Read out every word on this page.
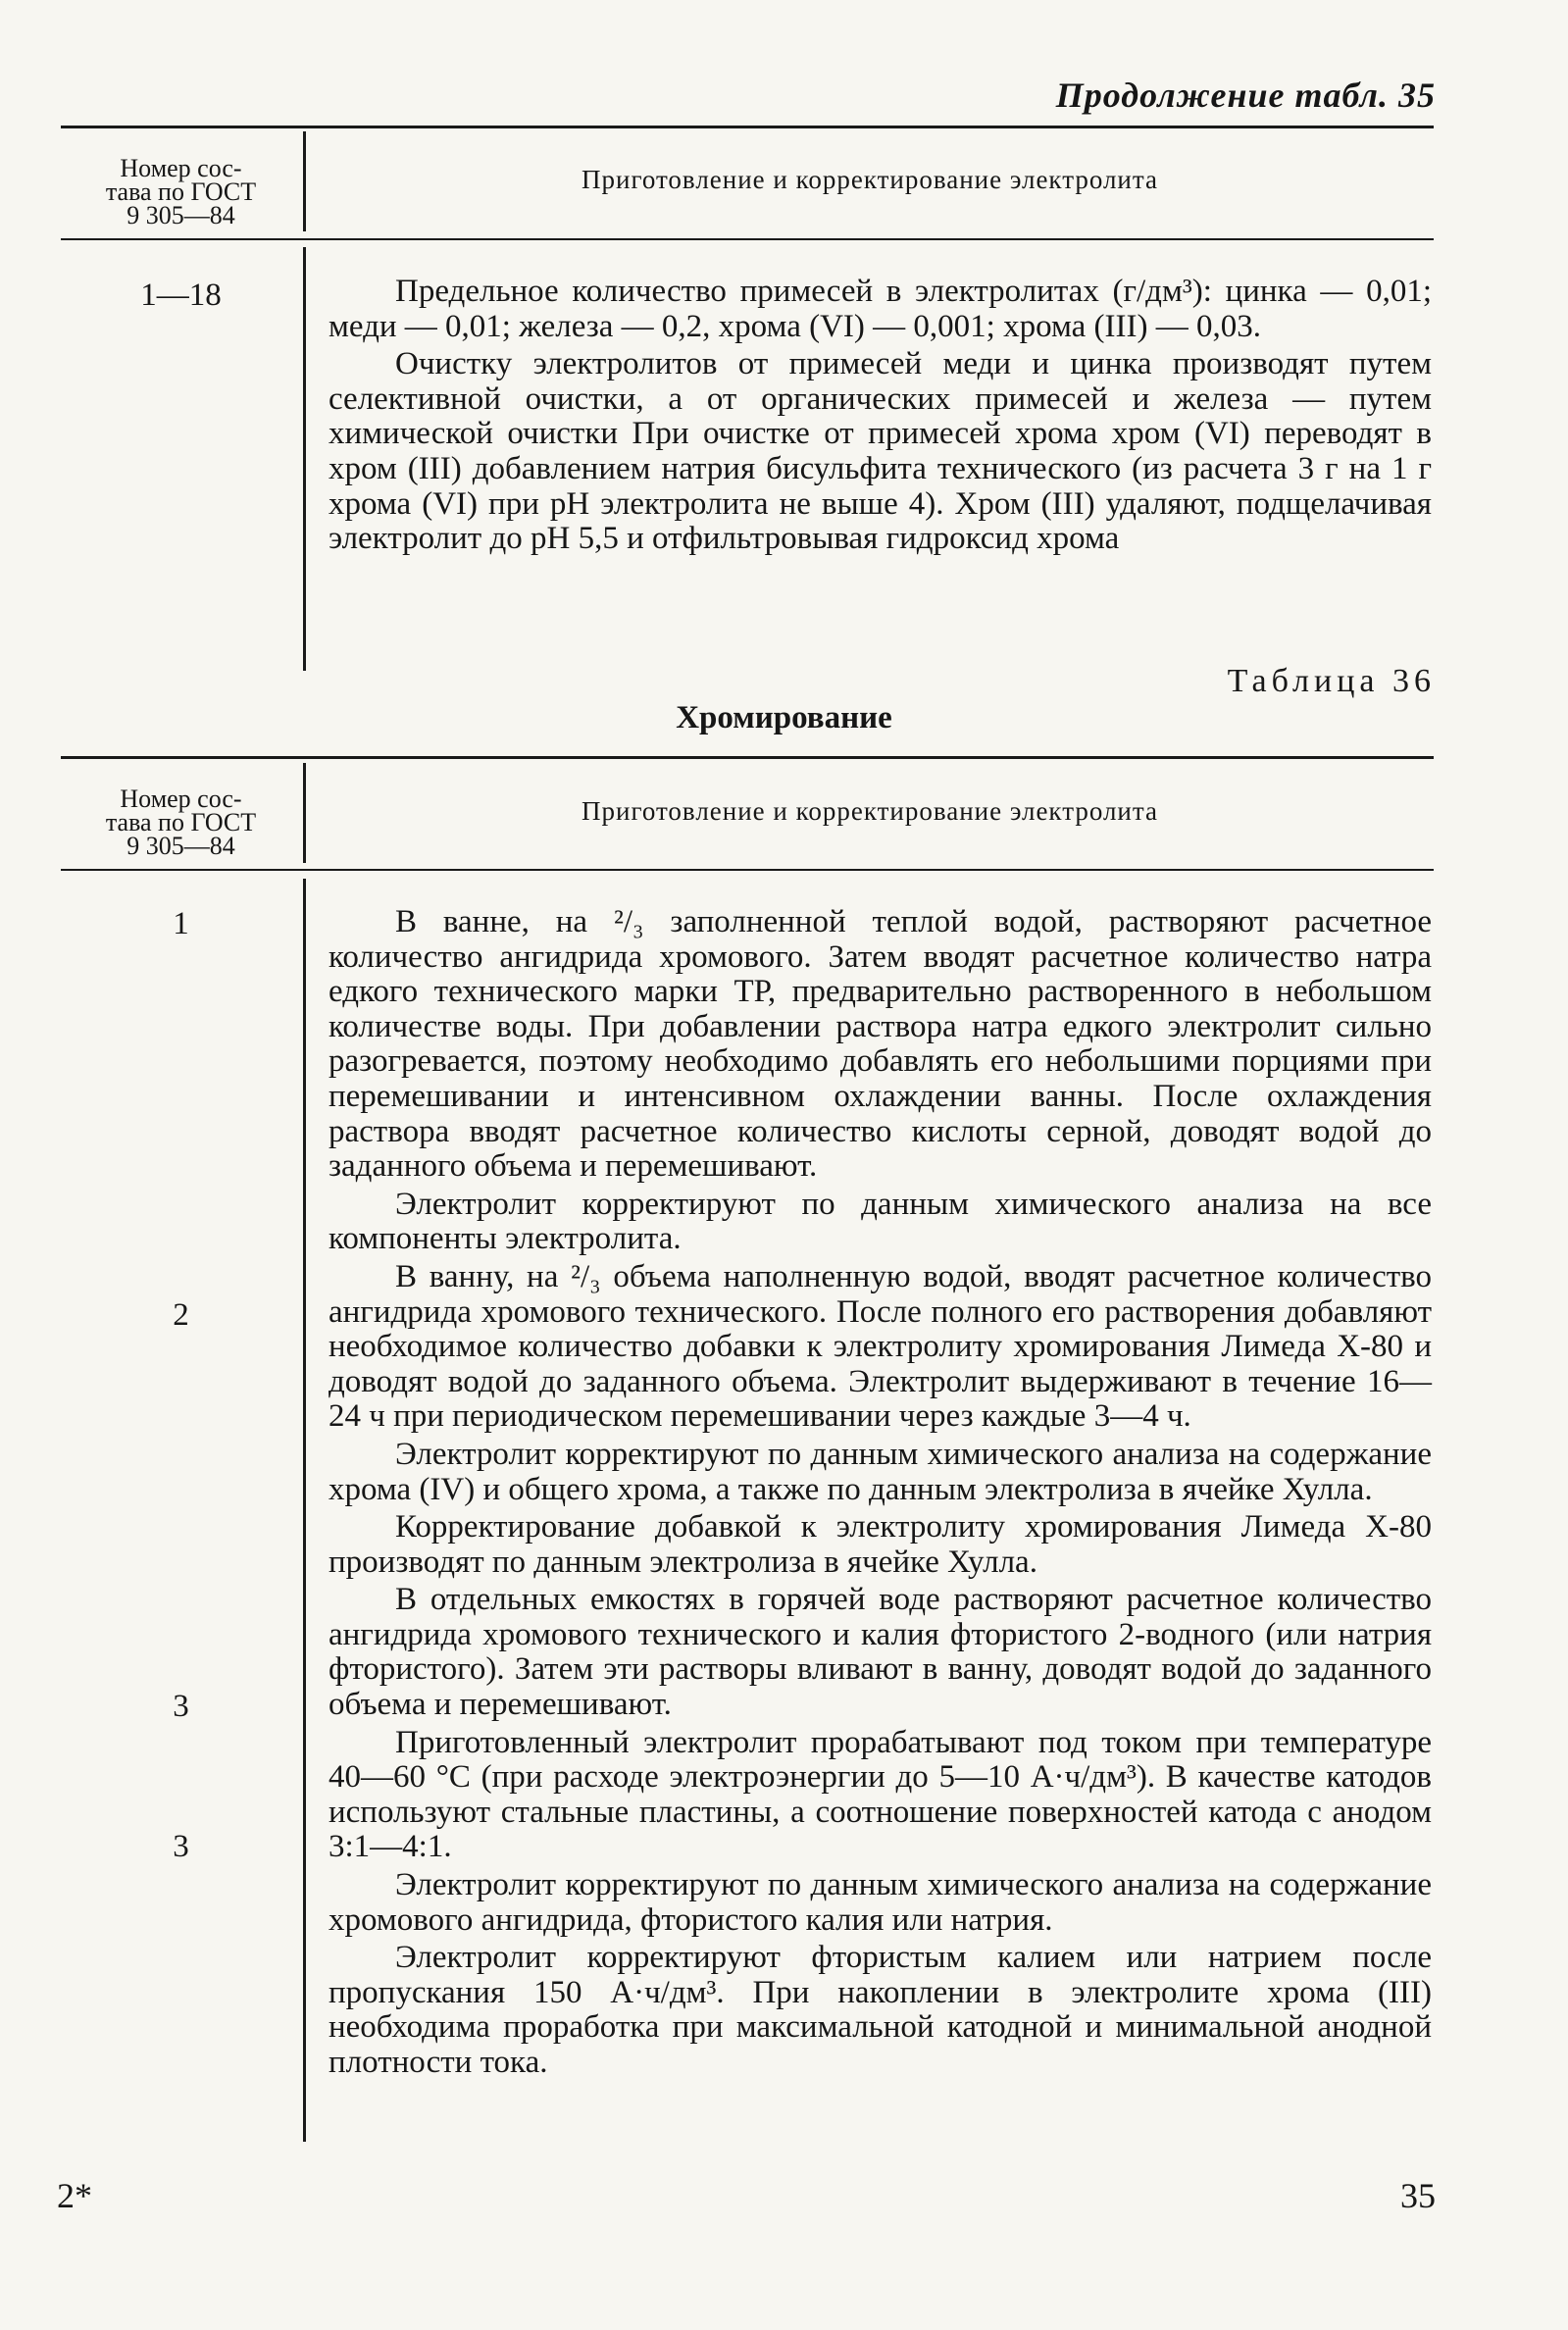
Продолжение табл. 35
Номер сос-
тава по ГОСТ
9 305—84
Приготовление и корректирование электролита
1—18	Предельное количество примесей в электролитах (г/дм³): цинка — 0,01; меди — 0,01; железа — 0,2, хрома (VI) — 0,001; хрома (III) — 0,03.

Очистку электролитов от примесей меди и цинка производят путем селективной очистки, а от органических примесей и железа — путем химической очистки При очистке от примесей хрома хром (VI) переводят в хром (III) добавлением натрия бисульфита технического (из расчета 3 г на 1 г хрома (VI) при pH электролита не выше 4). Хром (III) удаляют, подщелачивая электролит до pH 5,5 и отфильтровывая гидроксид хрома

Таблица 36
Хромирование
Номер сос-
тава по ГОСТ
9 305—84
Приготовление и корректирование электролита
1
2
3
3

В ванне, на ²/₃ заполненной теплой водой, растворяют расчетное количество ангидрида хромового. Затем вводят расчетное количество натра едкого технического марки ТР, предварительно растворенного в небольшом количестве воды. При добавлении раствора натра едкого электролит сильно разогревается, поэтому необходимо добавлять его небольшими порциями при перемешивании и интенсивном охлаждении ванны. После охлаждения раствора вводят расчетное количество кислоты серной, доводят водой до заданного объема и перемешивают.

Электролит корректируют по данным химического анализа на все компоненты электролита.

В ванну, на ²/₃ объема наполненную водой, вводят расчетное количество ангидрида хромового технического. После полного его растворения добавляют необходимое количество добавки к электролиту хромирования Лимеда Х-80 и доводят водой до заданного объема. Электролит выдерживают в течение 16—24 ч при периодическом перемешивании через каждые 3—4 ч.

Электролит корректируют по данным химического анализа на содержание хрома (IV) и общего хрома, а также по данным электролиза в ячейке Хулла.

Корректирование добавкой к электролиту хромирования Лимеда Х-80 производят по данным электролиза в ячейке Хулла.

В отдельных емкостях в горячей воде растворяют расчетное количество ангидрида хромового технического и калия фтористого 2-водного (или натрия фтористого). Затем эти растворы вливают в ванну, доводят водой до заданного объема и перемешивают.

Приготовленный электролит прорабатывают под током при температуре 40—60 °С (при расходе электроэнергии до 5—10 А·ч/дм³). В качестве катодов используют стальные пластины, а соотношение поверхностей катода с анодом 3:1—4:1.

Электролит корректируют по данным химического анализа на содержание хромового ангидрида, фтористого калия или натрия.

Электролит корректируют фтористым калием или натрием после пропускания 150 А·ч/дм³. При накоплении в электролите хрома (III) необходима проработка при максимальной катодной и минимальной анодной плотности тока.

2*	35
